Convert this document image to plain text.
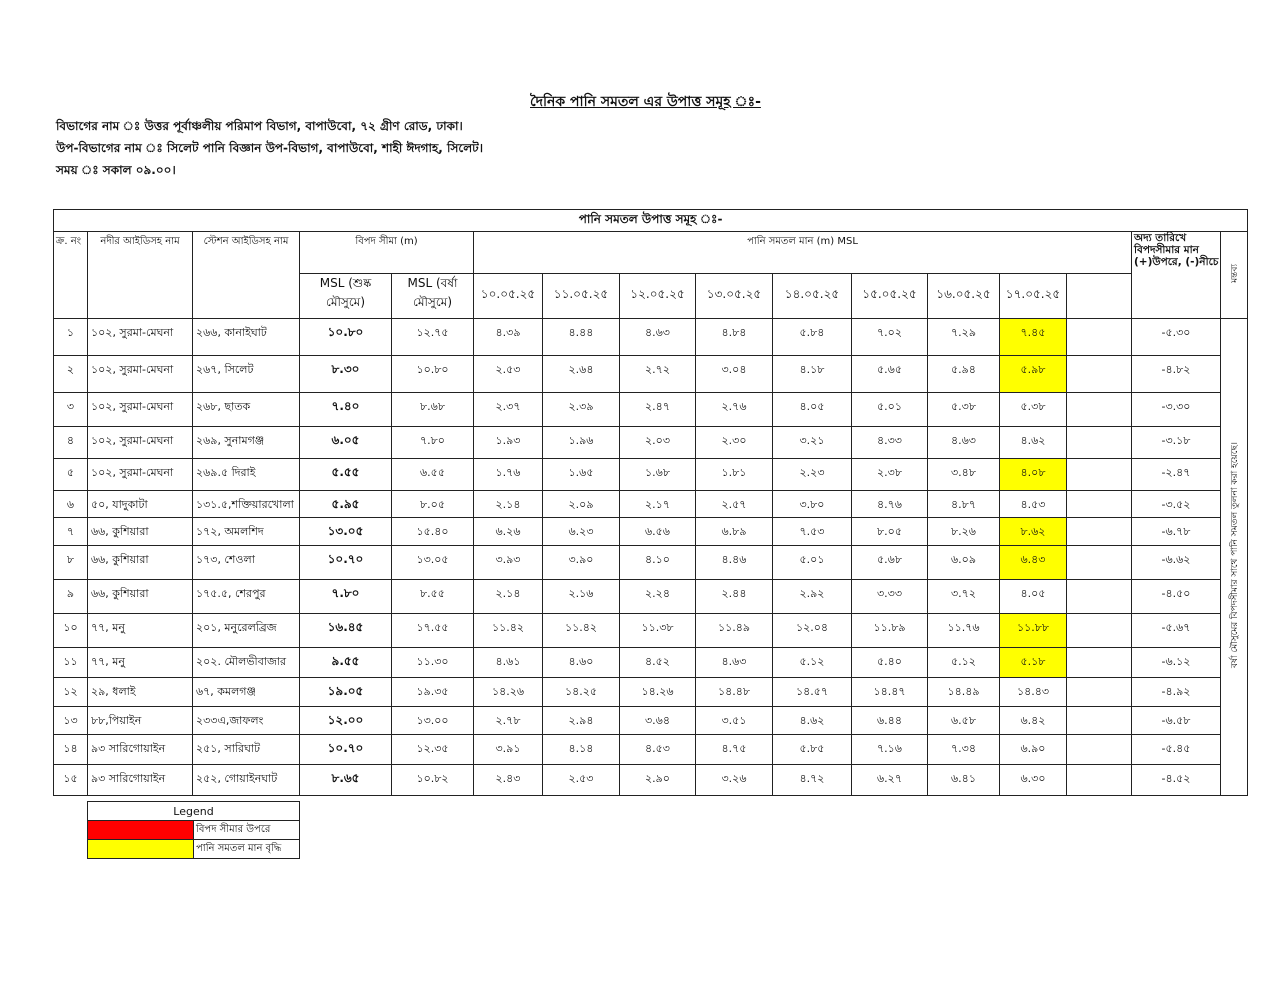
দৈনিক পানি সমতল এর উপাত্ত সমূহ ঃ-
বিভাগের নাম ঃ উত্তর পূর্বাঞ্চলীয় পরিমাপ বিভাগ, বাপাউবো, ৭২ গ্রীণ রোড, ঢাকা।
উপ-বিভাগের নাম ঃ সিলেট পানি বিজ্ঞান উপ-বিভাগ, বাপাউবো, শাহী ঈদগাহ, সিলেট।
সময় ঃ সকাল ০৯.০০।
পানি সমতল উপাত্ত সমূহ ঃ-															
ক্র. নং	নদীর আইডিসহ নাম	স্টেশন আইডিসহ নাম	বিপদ সীমা (m)		পানি সমতল মান (m) MSL									অদ্য তারিখে বিপদসীমার মান (+)উপরে, (-)নীচে	মন্তব্য
			MSL (শুষ্ক মৌসুমে)	MSL (বর্ষা মৌসুমে)	১০.০৫.২৫	১১.০৫.২৫	১২.০৫.২৫	১৩.০৫.২৫	১৪.০৫.২৫	১৫.০৫.২৫	১৬.০৫.২৫	১৭.০৫.২৫			
১	১০২, সুরমা-মেঘনা	২৬৬, কানাইঘাট	১০.৮০	১২.৭৫	৪.৩৯	৪.৪৪	৪.৬৩	৪.৮৪	৫.৮৪	৭.০২	৭.২৯	৭.৪৫		-৫.৩০	বর্ষা মৌসুমের বিপদসীমার সাথে পানি সমতল তুলনা করা হয়েছে।
২	১০২, সুরমা-মেঘনা	২৬৭, সিলেট	৮.৩০	১০.৮০	২.৫৩	২.৬৪	২.৭২	৩.০৪	৪.১৮	৫.৬৫	৫.৯৪	৫.৯৮		-৪.৮২	
৩	১০২, সুরমা-মেঘনা	২৬৮, ছাতক	৭.৪০	৮.৬৮	২.৩৭	২.৩৯	২.৪৭	২.৭৬	৪.০৫	৫.০১	৫.৩৮	৫.৩৮		-৩.৩০	
৪	১০২, সুরমা-মেঘনা	২৬৯, সুনামগঞ্জ	৬.০৫	৭.৮০	১.৯৩	১.৯৬	২.০৩	২.৩০	৩.২১	৪.৩৩	৪.৬৩	৪.৬২		-৩.১৮	
৫	১০২, সুরমা-মেঘনা	২৬৯.৫ দিরাই	৫.৫৫	৬.৫৫	১.৭৬	১.৬৫	১.৬৮	১.৮১	২.২৩	২.৩৮	৩.৪৮	৪.০৮		-২.৪৭	
৬	৫০, যাদুকাটা	১৩১.৫,শক্তিয়ারখোলা	৫.৯৫	৮.০৫	২.১৪	২.০৯	২.১৭	২.৫৭	৩.৮০	৪.৭৬	৪.৮৭	৪.৫৩		-৩.৫২	
৭	৬৬, কুশিয়ারা	১৭২, অমলশিদ	১৩.০৫	১৫.৪০	৬.২৬	৬.২৩	৬.৫৬	৬.৮৯	৭.৫৩	৮.০৫	৮.২৬	৮.৬২		-৬.৭৮	
৮	৬৬, কুশিয়ারা	১৭৩, শেওলা	১০.৭০	১৩.০৫	৩.৯৩	৩.৯০	৪.১০	৪.৪৬	৫.০১	৫.৬৮	৬.০৯	৬.৪৩		-৬.৬২	
৯	৬৬, কুশিয়ারা	১৭৫.৫, শেরপুর	৭.৮০	৮.৫৫	২.১৪	২.১৬	২.২৪	২.৪৪	২.৯২	৩.৩৩	৩.৭২	৪.০৫		-৪.৫০	
১০	৭৭, মনু	২০১, মনুরেলব্রিজ	১৬.৪৫	১৭.৫৫	১১.৪২	১১.৪২	১১.৩৮	১১.৪৯	১২.০৪	১১.৮৯	১১.৭৬	১১.৮৮		-৫.৬৭	
১১	৭৭, মনু	২০২. মৌলভীবাজার	৯.৫৫	১১.৩০	৪.৬১	৪.৬০	৪.৫২	৪.৬৩	৫.১২	৫.৪০	৫.১২	৫.১৮		-৬.১২	
১২	২৯, ধলাই	৬৭, কমলগঞ্জ	১৯.০৫	১৯.৩৫	১৪.২৬	১৪.২৫	১৪.২৬	১৪.৪৮	১৪.৫৭	১৪.৪৭	১৪.৪৯	১৪.৪৩		-৪.৯২	
১৩	৮৮,পিয়াইন	২৩৩এ,জাফলং	১২.০০	১৩.০০	২.৭৮	২.৯৪	৩.৬৪	৩.৫১	৪.৬২	৬.৪৪	৬.৫৮	৬.৪২		-৬.৫৮	
১৪	৯৩ সারিগোয়াইন	২৫১, সারিঘাট	১০.৭০	১২.৩৫	৩.৯১	৪.১৪	৪.৫৩	৪.৭৫	৫.৮৫	৭.১৬	৭.৩৪	৬.৯০		-৫.৪৫	
১৫	৯৩ সারিগোয়াইন	২৫২, গোয়াইনঘাট	৮.৬৫	১০.৮২	২.৪৩	২.৫৩	২.৯০	৩.২৬	৪.৭২	৬.২৭	৬.৪১	৬.৩০		-৪.৫২	
Legend	
	বিপদ সীমার উপরে
	পানি সমতল মান বৃদ্ধি
